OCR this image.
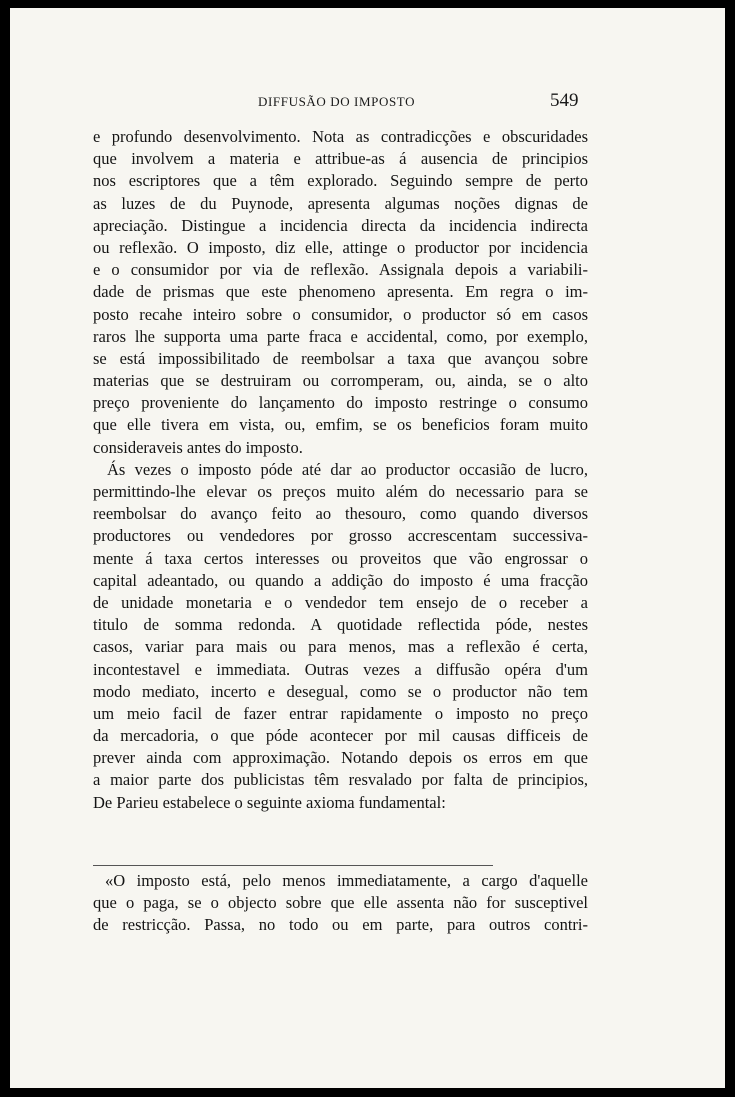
DIFFUSÃO DO IMPOSTO	549
e profundo desenvolvimento. Nota as contradicções e obscuridades
que involvem a materia e attribue-as á ausencia de principios
nos escriptores que a têm explorado. Seguindo sempre de perto
as luzes de du Puynode, apresenta algumas noções dignas de
apreciação. Distingue a incidencia directa da incidencia indirecta
ou reflexão. O imposto, diz elle, attinge o productor por incidencia
e o consumidor por via de reflexão. Assignala depois a variabili-
dade de prismas que este phenomeno apresenta. Em regra o im-
posto recahe inteiro sobre o consumidor, o productor só em casos
raros lhe supporta uma parte fraca e accidental, como, por exemplo,
se está impossibilitado de reembolsar a taxa que avançou sobre
materias que se destruiram ou corromperam, ou, ainda, se o alto
preço proveniente do lançamento do imposto restringe o consumo
que elle tivera em vista, ou, emfim, se os beneficios foram muito
consideraveis antes do imposto.
Ás vezes o imposto póde até dar ao productor occasião de lucro,
permittindo-lhe elevar os preços muito além do necessario para se
reembolsar do avanço feito ao thesouro, como quando diversos
productores ou vendedores por grosso accrescentam successiva-
mente á taxa certos interesses ou proveitos que vão engrossar o
capital adeantado, ou quando a addição do imposto é uma fracção
de unidade monetaria e o vendedor tem ensejo de o receber a
titulo de somma redonda. A quotidade reflectida póde, nestes
casos, variar para mais ou para menos, mas a reflexão é certa,
incontestavel e immediata. Outras vezes a diffusão opéra d'um
modo mediato, incerto e desegual, como se o productor não tem
um meio facil de fazer entrar rapidamente o imposto no preço
da mercadoria, o que póde acontecer por mil causas difficeis de
prever ainda com approximação. Notando depois os erros em que
a maior parte dos publicistas têm resvalado por falta de principios,
De Parieu estabelece o seguinte axioma fundamental:
«O imposto está, pelo menos immediatamente, a cargo d'aquelle
que o paga, se o objecto sobre que elle assenta não for susceptivel
de restricção. Passa, no todo ou em parte, para outros contri-
